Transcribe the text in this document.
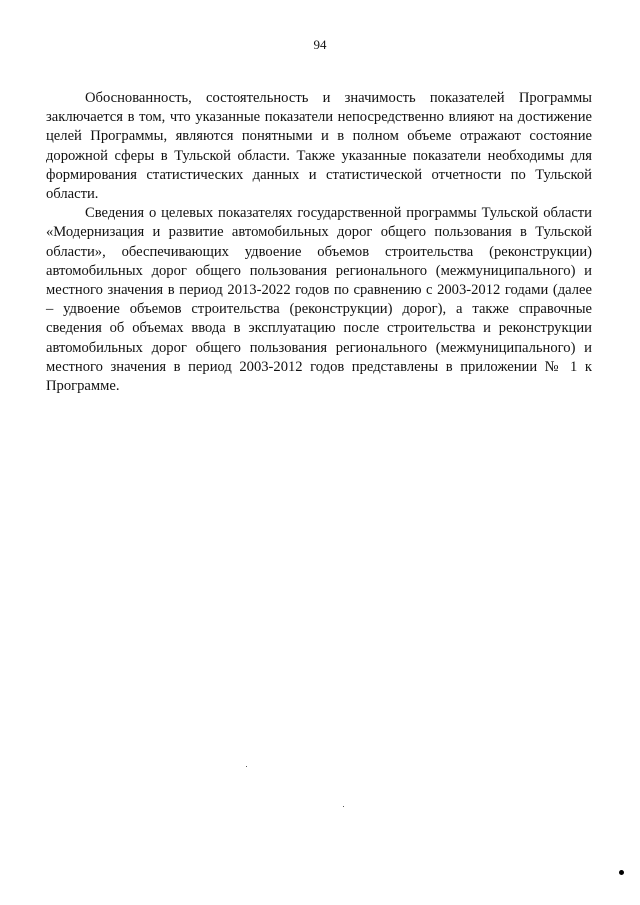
94

Обоснованность, состоятельность и значимость показателей Программы заключается в том, что указанные показатели непосредственно влияют на достижение целей Программы, являются понятными и в полном объеме отражают состояние дорожной сферы в Тульской области. Также указанные показатели необходимы для формирования статистических данных и статистической отчетности по Тульской области.

Сведения о целевых показателях государственной программы Тульской области «Модернизация и развитие автомобильных дорог общего пользования в Тульской области», обеспечивающих удвоение объемов строительства (реконструкции) автомобильных дорог общего пользования регионального (межмуниципального) и местного значения в период 2013-2022 годов по сравнению с 2003-2012 годами (далее – удвоение объемов строительства (реконструкции) дорог), а также справочные сведения об объемах ввода в эксплуатацию после строительства и реконструкции автомобильных дорог общего пользования регионального (межмуниципального) и местного значения в период 2003-2012 годов представлены в приложении № 1 к Программе.
